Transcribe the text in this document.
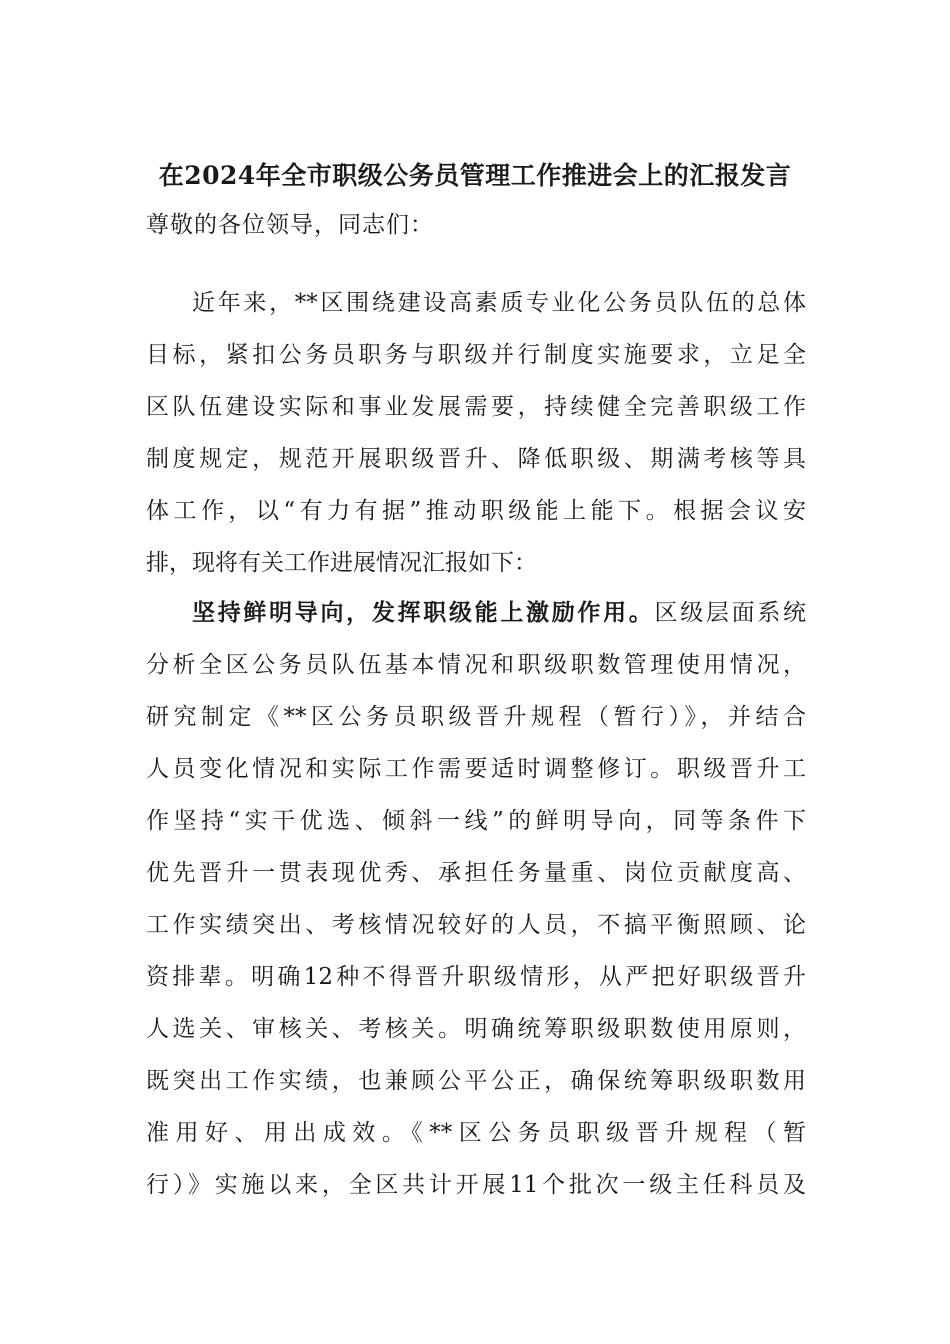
在2024年全市职级公务员管理工作推进会上的汇报发言
尊敬的各位领导，同志们：
近年来，**区围绕建设高素质专业化公务员队伍的总体
目标，紧扣公务员职务与职级并行制度实施要求，立足全
区队伍建设实际和事业发展需要，持续健全完善职级工作
制度规定，规范开展职级晋升、降低职级、期满考核等具
体工作，以“有力有据”推动职级能上能下。根据会议安
排，现将有关工作进展情况汇报如下：
坚持鲜明导向，发挥职级能上激励作用。区级层面系统
分析全区公务员队伍基本情况和职级职数管理使用情况，
研究制定《**区公务员职级晋升规程（暂行）》，并结合
人员变化情况和实际工作需要适时调整修订。职级晋升工
作坚持“实干优选、倾斜一线”的鲜明导向，同等条件下
优先晋升一贯表现优秀、承担任务量重、岗位贡献度高、
工作实绩突出、考核情况较好的人员，不搞平衡照顾、论
资排辈。明确12种不得晋升职级情形，从严把好职级晋升
人选关、审核关、考核关。明确统筹职级职数使用原则，
既突出工作实绩，也兼顾公平公正，确保统筹职级职数用
准用好、用出成效。《**区公务员职级晋升规程（暂
行）》实施以来，全区共计开展11个批次一级主任科员及
